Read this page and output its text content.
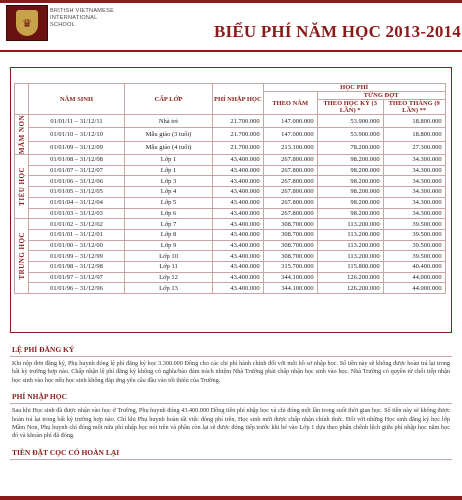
♛
BRITISH VIETNAMESE
INTERNATIONAL
SCHOOL	BIỂU PHÍ NĂM HỌC 2013-2014
	NĂM SINH	CẤP LỚP	PHÍ NHẬP HỌC	HỌC PHÍ		
				THEO NĂM	TỪNG ĐỢT	
					THEO HỌC KỲ (3 LẦN) *	THEO THÁNG (9 LẦN) **

MẦM NON	01/01/11 – 31/12/11	Nhà trẻ	21.700.000	147.000.000	53.900.000	18.800.000
	01/01/10 – 31/12/10	Mẫu giáo (3 tuổi)	21.700.000	147.000.000	53.900.000	18.800.000
	01/01/09 – 31/12/09	Mẫu giáo (4 tuổi)	21.700.000	213.100.000	78.200.000	27.300.000

TIỂU HỌC	01/01/08 – 31/12/08	Lớp 1	43.400.000	267.800.000	98.200.000	34.300.000
	01/01/07 – 31/12/07	Lớp 1	43.400.000	267.800.000	98.200.000	34.300.000
	01/01/06 – 31/12/06	Lớp 3	43.400.000	267.800.000	98.200.000	34.300.000
	01/01/05 – 31/12/05	Lớp 4	43.400.000	267.800.000	98.200.000	34.300.000
	01/01/04 – 31/12/04	Lớp 5	43.400.000	267.800.000	98.200.000	34.300.000
	01/01/03 – 31/12/03	Lớp 6	43.400.000	267.800.000	98.200.000	34.300.000

TRUNG HỌC	01/01/02 – 31/12/02	Lớp 7	43.400.000	308.700.000	113.200.000	39.500.000
	01/01/01 – 31/12/01	Lớp 8	43.400.000	308.700.000	113.200.000	39.500.000
	01/01/00 – 31/12/00	Lớp 9	43.400.000	308.700.000	113.200.000	39.500.000
	01/01/99 – 31/12/99	Lớp 10	43.400.000	308.700.000	113.200.000	39.500.000
	01/01/98 – 31/12/98	Lớp 11	43.400.000	315.700.000	115.800.000	40.400.000
	01/01/97 – 31/12/97	Lớp 12	43.400.000	344.100.000	126.200.000	44.000.000
	01/01/96 – 31/12/96	Lớp 13	43.400.000	344.100.000	126.200.000	44.000.000
LỆ PHÍ ĐĂNG KÝ
Khi nộp đơn đăng ký, Phụ huynh đóng lệ phí đăng ký học 3.300.000 Đồng cho các chi phí hành chính đối với mỗi hồ sơ nhập học. Số tiền này sẽ không được hoàn trả lại trong bất kỳ trường hợp nào. Chấp nhận lệ phí đăng ký không có nghĩa/bảo đảm trách nhiệm Nhà Trường phải chấp nhận học sinh vào học. Nhà Trường có quyền từ chối tiếp nhận học sinh vào học nếu học sinh không đáp ứng yêu cầu đầu vào tối thiểu của Trường.
PHÍ NHẬP HỌC
Sau khi Học sinh đã được nhận vào học ở Trường, Phụ huynh đóng 43.400.000 Đồng tiền phí nhập học và chỉ đóng một lần trong suốt thời gian học. Số tiền này sẽ không được hoàn trả lại trong bất kỳ trường hợp nào. Chỉ khi Phụ huynh hoàn tất việc đóng phí trên, Học sinh mới được chấp nhận chính thức. Đối với những Học sinh đăng ký học lớp Mầm Non, Phụ huynh chỉ đóng một nửa phí nhập học nói trên và phần còn lại sẽ được đóng tiếp trước khi bé vào Lớp 1 dựa theo phân chênh lệch giữa phí nhập học năm học đó và khoản phí đã đóng.
TIỀN ĐẶT CỌC CÓ HOÀN LẠI
